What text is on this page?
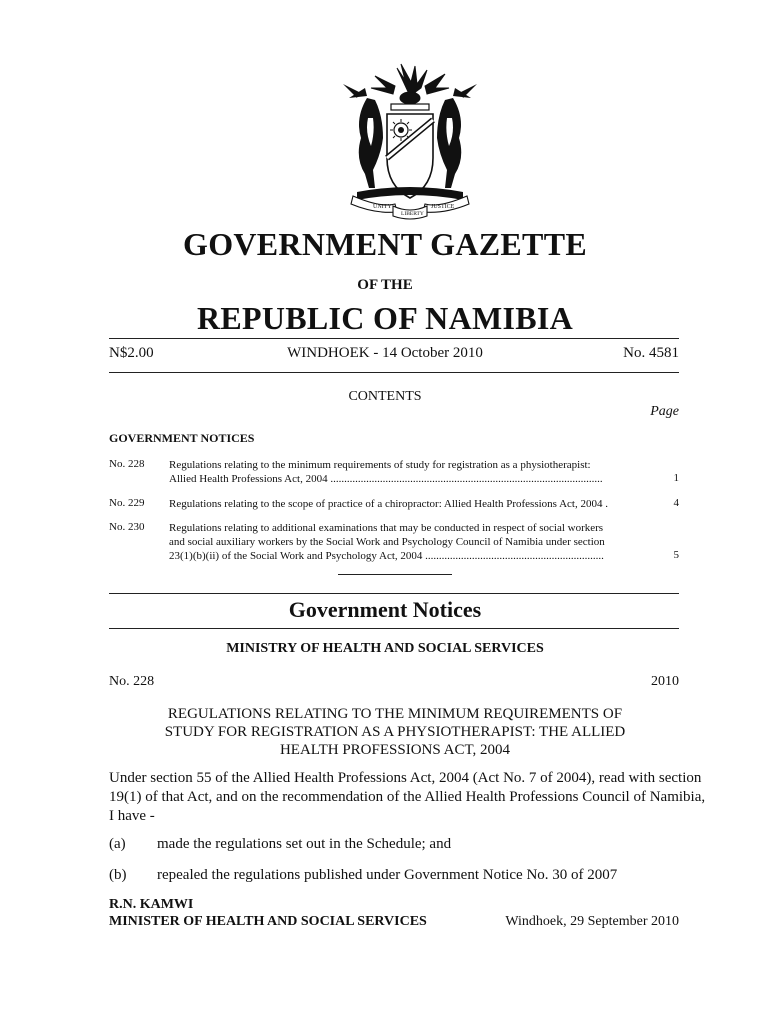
UNITY
LIBERTY
JUSTICE
GOVERNMENT GAZETTE
OF THE
REPUBLIC OF NAMIBIA
N$2.00	WINDHOEK - 14 October 2010	No. 4581
CONTENTS
Page
GOVERNMENT NOTICES
No. 228 Regulations relating to the minimum requirements of study for registration as a physiotherapist:
Allied Health Professions Act, 2004 ...................................................................................................	1
No. 229 Regulations relating to the scope of practice of a chiropractor: Allied Health Professions Act, 2004 .	4
No. 230 Regulations relating to additional examinations that may be conducted in respect of social workers
and social auxiliary workers by the Social Work and Psychology Council of Namibia under section
23(1)(b)(ii) of the Social Work and Psychology Act, 2004 .................................................................	5
Government Notices
MINISTRY OF HEALTH AND SOCIAL SERVICES
No. 228	2010
REGULATIONS RELATING TO THE MINIMUM REQUIREMENTS OF
STUDY FOR REGISTRATION AS A PHYSIOTHERAPIST: THE ALLIED
HEALTH PROFESSIONS ACT, 2004
Under section 55 of the Allied Health Professions Act, 2004 (Act No. 7 of 2004), read with section
19(1) of that Act, and on the recommendation of the Allied Health Professions Council of Namibia,
I have -
(a) made the regulations set out in the Schedule; and
(b) repealed the regulations published under Government Notice No. 30 of 2007
R.N. KAMWI
MINISTER OF HEALTH AND SOCIAL SERVICES	Windhoek, 29 September 2010
